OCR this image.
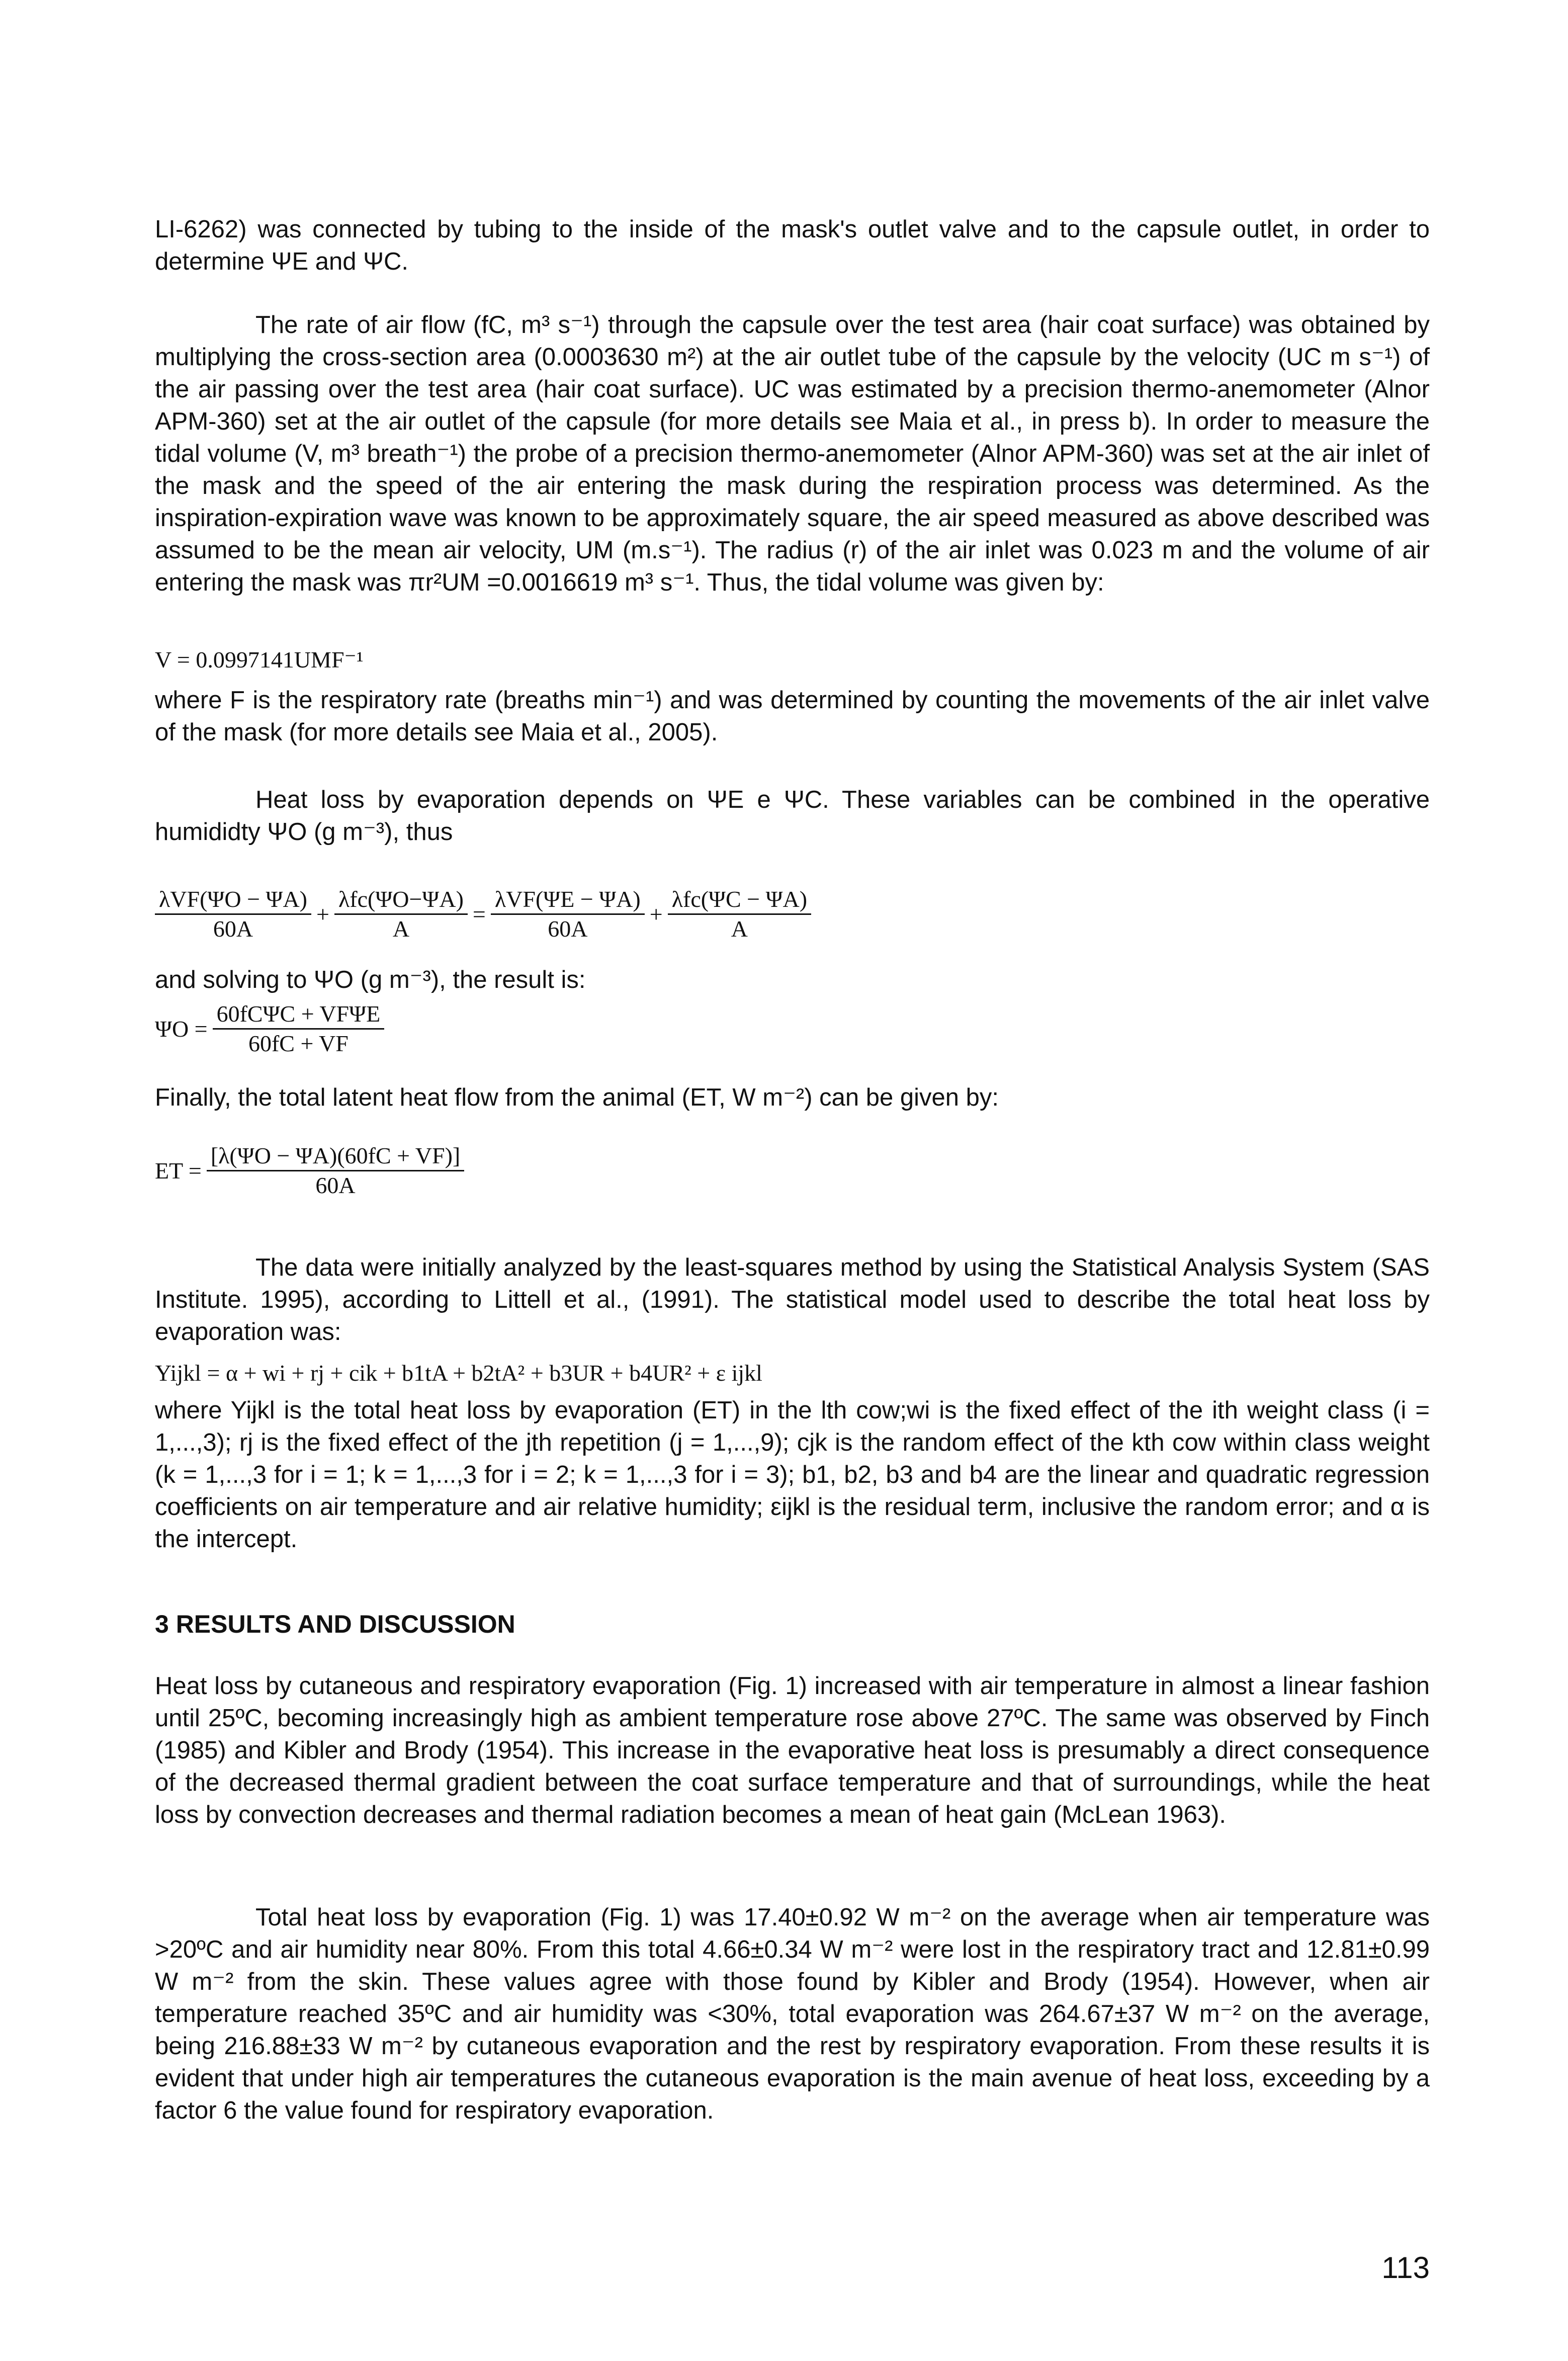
LI-6262) was connected by tubing to the inside of the mask's outlet valve and to the capsule outlet, in order to determine ΨE and ΨC.

The rate of air flow (fC, m³ s⁻¹) through the capsule over the test area (hair coat surface) was obtained by multiplying the cross-section area (0.0003630 m²) at the air outlet tube of the capsule by the velocity (UC m s⁻¹) of the air passing over the test area (hair coat surface). UC was estimated by a precision thermo-anemometer (Alnor APM-360) set at the air outlet of the capsule (for more details see Maia et al., in press b). In order to measure the tidal volume (V, m³ breath⁻¹) the probe of a precision thermo-anemometer (Alnor APM-360) was set at the air inlet of the mask and the speed of the air entering the mask during the respiration process was determined. As the inspiration-expiration wave was known to be approximately square, the air speed measured as above described was assumed to be the mean air velocity, UM (m.s⁻¹). The radius (r) of the air inlet was 0.023 m and the volume of air entering the mask was πr²UM =0.0016619 m³ s⁻¹. Thus, the tidal volume was given by:

V = 0.0997141UMF⁻¹

where F is the respiratory rate (breaths min⁻¹) and was determined by counting the movements of the air inlet valve of the mask (for more details see Maia et al., 2005).

Heat loss by evaporation depends on ΨE e ΨC. These variables can be combined in the operative humididty ΨO (g m⁻³), thus

$\frac{\text{λVF(ΨO − ΨA)}}{60A} + \frac{\text{λfc(ΨO−ΨA)}}{A} = \frac{\text{λVF(ΨE − ΨA)}}{60A} + \frac{\text{λfc(ΨC − ΨA)}}{A}$

and solving to ΨO (g m⁻³), the result is:

$\Psi O = \frac{\text{60fCΨC + VFΨE}}{60fC + VF}$

Finally, the total latent heat flow from the animal (ET, W m⁻²) can be given by:

ET = $\frac{[\lambda(\Psi O - \Psi A)(60fC + VF)]}{60A}$

The data were initially analyzed by the least-squares method by using the Statistical Analysis System (SAS Institute. 1995), according to Littell et al., (1991). The statistical model used to describe the total heat loss by evaporation was:

Yijkl = α + wi + rj + cik + b1tA + b2tA² + b3UR + b4UR² + ε ijkl

where Yijkl is the total heat loss by evaporation (ET) in the lth cow;wi is the fixed effect of the ith weight class (i = 1,...,3); rj is the fixed effect of the jth repetition (j = 1,...,9); cjk is the random effect of the kth cow within class weight (k = 1,...,3 for i = 1; k = 1,...,3 for i = 2; k = 1,...,3 for i = 3); b1, b2, b3 and b4 are the linear and quadratic regression coefficients on air temperature and air relative humidity; εijkl is the residual term, inclusive the random error; and α is the intercept.

3 RESULTS AND DISCUSSION

Heat loss by cutaneous and respiratory evaporation (Fig. 1) increased with air temperature in almost a linear fashion until 25ºC, becoming increasingly high as ambient temperature rose above 27ºC. The same was observed by Finch (1985) and Kibler and Brody (1954). This increase in the evaporative heat loss is presumably a direct consequence of the decreased thermal gradient between the coat surface temperature and that of surroundings, while the heat loss by convection decreases and thermal radiation becomes a mean of heat gain (McLean 1963).

Total heat loss by evaporation (Fig. 1) was 17.40±0.92 W m⁻² on the average when air temperature was >20ºC and air humidity near 80%. From this total 4.66±0.34 W m⁻² were lost in the respiratory tract and 12.81±0.99 W m⁻² from the skin. These values agree with those found by Kibler and Brody (1954). However, when air temperature reached 35ºC and air humidity was <30%, total evaporation was 264.67±37 W m⁻² on the average, being 216.88±33 W m⁻² by cutaneous evaporation and the rest by respiratory evaporation. From these results it is evident that under high air temperatures the cutaneous evaporation is the main avenue of heat loss, exceeding by a factor 6 the value found for respiratory evaporation.

113
